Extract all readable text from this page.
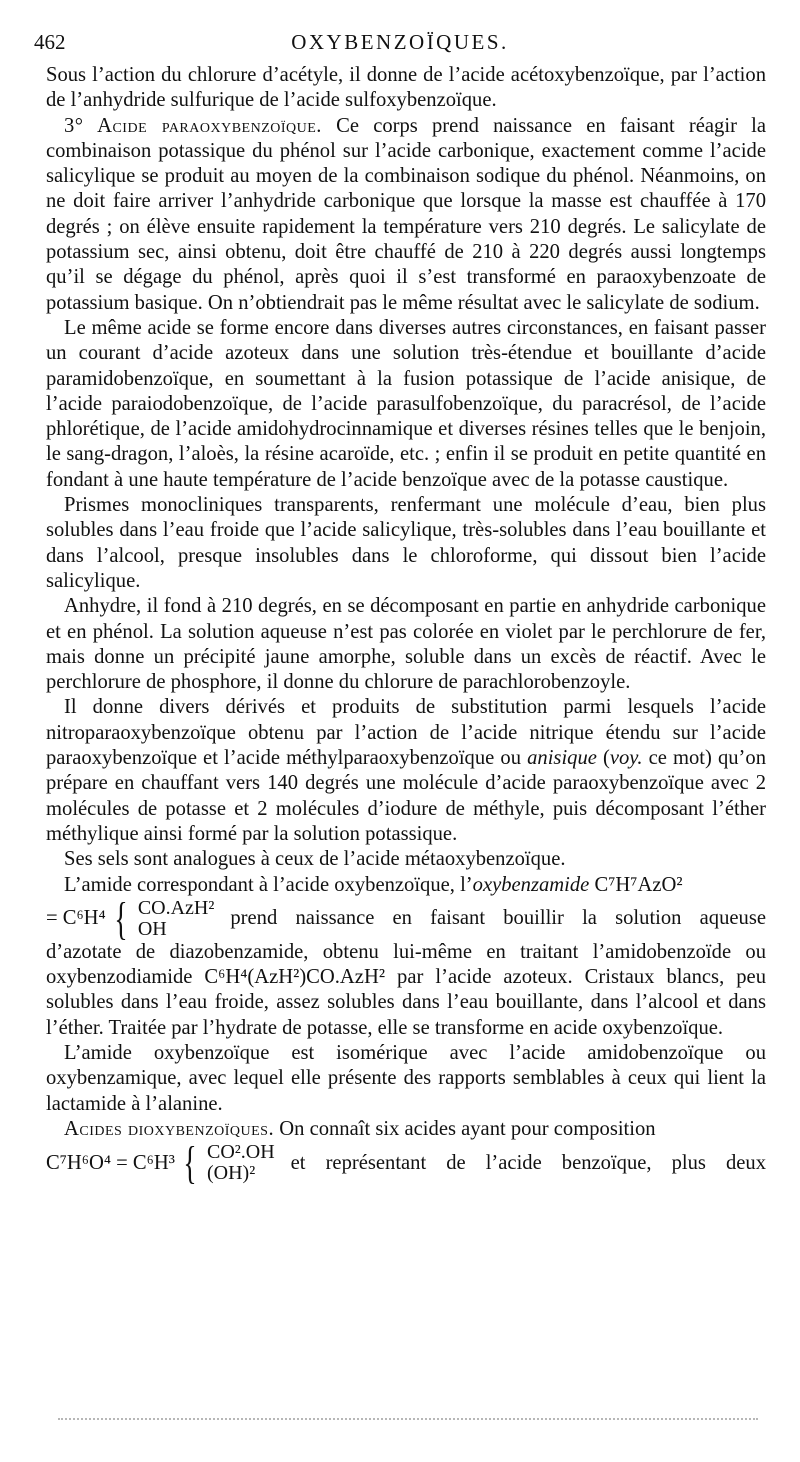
462	OXYBENZOÏQUES.

Sous l’action du chlorure d’acétyle, il donne de l’acide acétoxybenzoïque, par l’action de l’anhydride sulfurique de l’acide sulfoxybenzoïque.

3° Acide paraoxybenzoïque. Ce corps prend naissance en faisant réagir la combinaison potassique du phénol sur l’acide carbonique, exactement comme l’acide salicylique se produit au moyen de la combinaison sodique du phénol. Néanmoins, on ne doit faire arriver l’anhydride carbonique que lorsque la masse est chauffée à 170 degrés ; on élève ensuite rapidement la température vers 210 degrés. Le salicylate de potassium sec, ainsi obtenu, doit être chauffé de 210 à 220 degrés aussi longtemps qu’il se dégage du phénol, après quoi il s’est transformé en paraoxybenzoate de potassium basique. On n’obtiendrait pas le même résultat avec le salicylate de sodium.

Le même acide se forme encore dans diverses autres circonstances, en faisant passer un courant d’acide azoteux dans une solution très-étendue et bouillante d’acide paramidobenzoïque, en soumettant à la fusion potassique de l’acide anisique, de l’acide paraiodobenzoïque, de l’acide parasulfobenzoïque, du paracrésol, de l’acide phlorétique, de l’acide amidohydrocinnamique et diverses résines telles que le benjoin, le sang-dragon, l’aloès, la résine acaroïde, etc. ; enfin il se produit en petite quantité en fondant à une haute température de l’acide benzoïque avec de la potasse caustique.

Prismes monocliniques transparents, renfermant une molécule d’eau, bien plus solubles dans l’eau froide que l’acide salicylique, très-solubles dans l’eau bouillante et dans l’alcool, presque insolubles dans le chloroforme, qui dissout bien l’acide salicylique.

Anhydre, il fond à 210 degrés, en se décomposant en partie en anhydride carbonique et en phénol. La solution aqueuse n’est pas colorée en violet par le perchlorure de fer, mais donne un précipité jaune amorphe, soluble dans un excès de réactif. Avec le perchlorure de phosphore, il donne du chlorure de parachlorobenzoyle.

Il donne divers dérivés et produits de substitution parmi lesquels l’acide nitroparaoxybenzoïque obtenu par l’action de l’acide nitrique étendu sur l’acide paraoxybenzoïque et l’acide méthylparaoxybenzoïque ou anisique (voy. ce mot) qu’on prépare en chauffant vers 140 degrés une molécule d’acide paraoxybenzoïque avec 2 molécules de potasse et 2 molécules d’iodure de méthyle, puis décomposant l’éther méthylique ainsi formé par la solution potassique.

Ses sels sont analogues à ceux de l’acide métaoxybenzoïque.

L’amide correspondant à l’acide oxybenzoïque, l’oxybenzamide C⁷H⁷AzO²

= C⁶H⁴ { CO.AzH²
OH	prend naissance en faisant bouillir la solution aqueuse

d’azotate de diazobenzamide, obtenu lui-même en traitant l’amidobenzoïde ou oxybenzodiamide C⁶H⁴(AzH²)CO.AzH² par l’acide azoteux. Cristaux blancs, peu solubles dans l’eau froide, assez solubles dans l’eau bouillante, dans l’alcool et dans l’éther. Traitée par l’hydrate de potasse, elle se transforme en acide oxybenzoïque.

L’amide oxybenzoïque est isomérique avec l’acide amidobenzoïque ou oxybenzamique, avec lequel elle présente des rapports semblables à ceux qui lient la lactamide à l’alanine.

Acides dioxybenzoïques. On connaît six acides ayant pour composition

C⁷H⁶O⁴ = C⁶H³ { CO².OH
(OH)²	et représentant de l’acide benzoïque, plus deux
